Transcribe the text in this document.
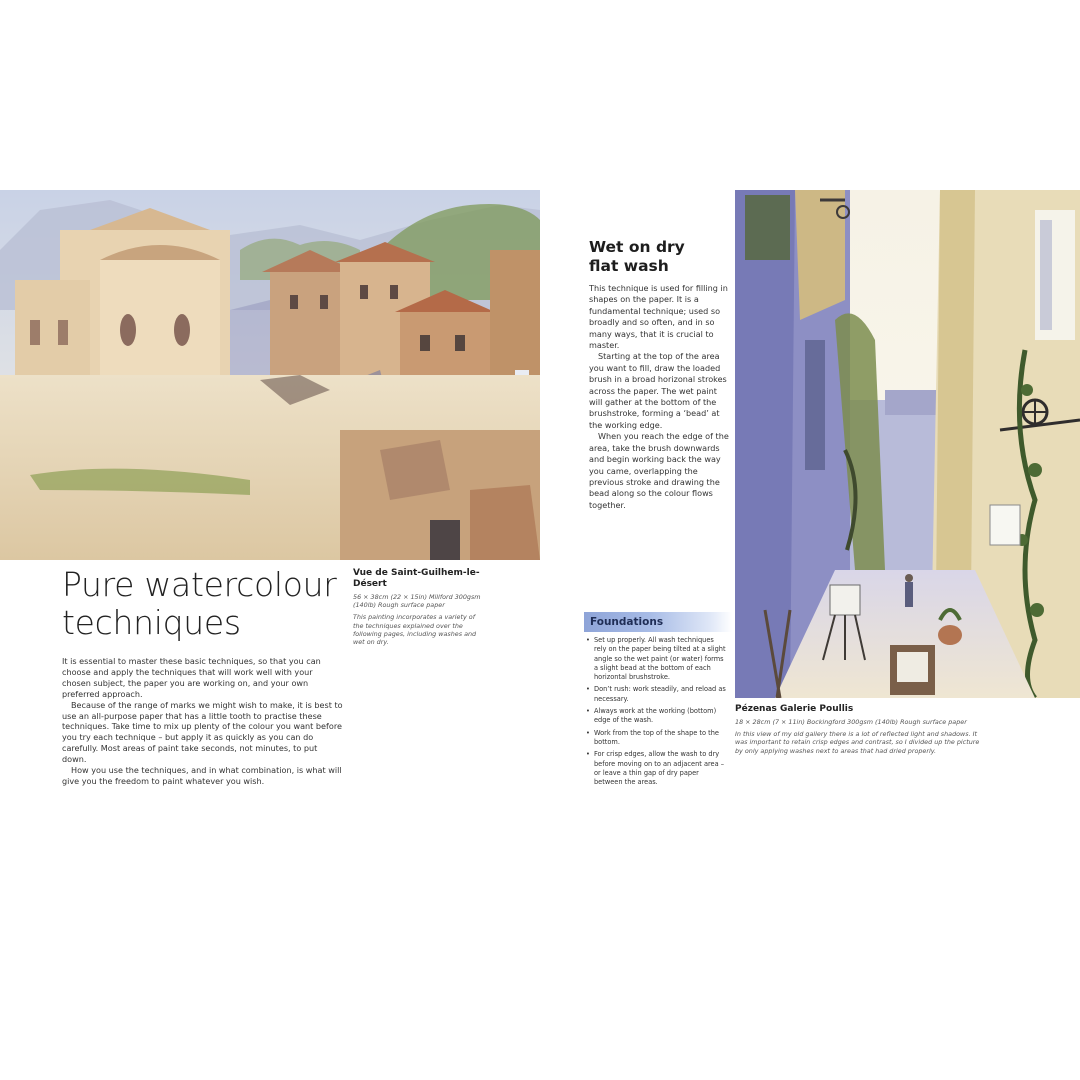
Pure watercolour techniques

Vue de Saint-Guilhem-le-Désert

56 × 38cm (22 × 15in) Millford 300gsm (140lb) Rough surface paper

This painting incorporates a variety of the techniques explained over the following pages, including washes and wet on dry.

It is essential to master these basic techniques, so that you can choose and apply the techniques that will work well with your chosen subject, the paper you are working on, and your own preferred approach.

Because of the range of marks we might wish to make, it is best to use an all-purpose paper that has a little tooth to practise these techniques. Take time to mix up plenty of the colour you want before you try each technique – but apply it as quickly as you can do carefully. Most areas of paint take seconds, not minutes, to put down.

How you use the techniques, and in what combination, is what will give you the freedom to paint whatever you wish.

Wet on dry
flat wash

This technique is used for filling in shapes on the paper. It is a fundamental technique; used so broadly and so often, and in so many ways, that it is crucial to master.

Starting at the top of the area you want to fill, draw the loaded brush in a broad horizonal strokes across the paper. The wet paint will gather at the bottom of the brushstroke, forming a ‘bead’ at the working edge.

When you reach the edge of the area, take the brush downwards and begin working back the way you came, overlapping the previous stroke and drawing the bead along so the colour flows together.

Foundations
• Set up properly. All wash techniques rely on the paper being tilted at a slight angle so the wet paint (or water) forms a slight bead at the bottom of each horizontal brushstroke.
• Don’t rush: work steadily, and reload as necessary.
• Always work at the working (bottom) edge of the wash.
• Work from the top of the shape to the bottom.
• For crisp edges, allow the wash to dry before moving on to an adjacent area – or leave a thin gap of dry paper between the areas.

Pézenas Galerie Poullis

18 × 28cm (7 × 11in) Bockingford 300gsm (140lb) Rough surface paper

In this view of my old gallery there is a lot of reflected light and shadows. It was important to retain crisp edges and contrast, so I divided up the picture by only applying washes next to areas that had dried properly.
